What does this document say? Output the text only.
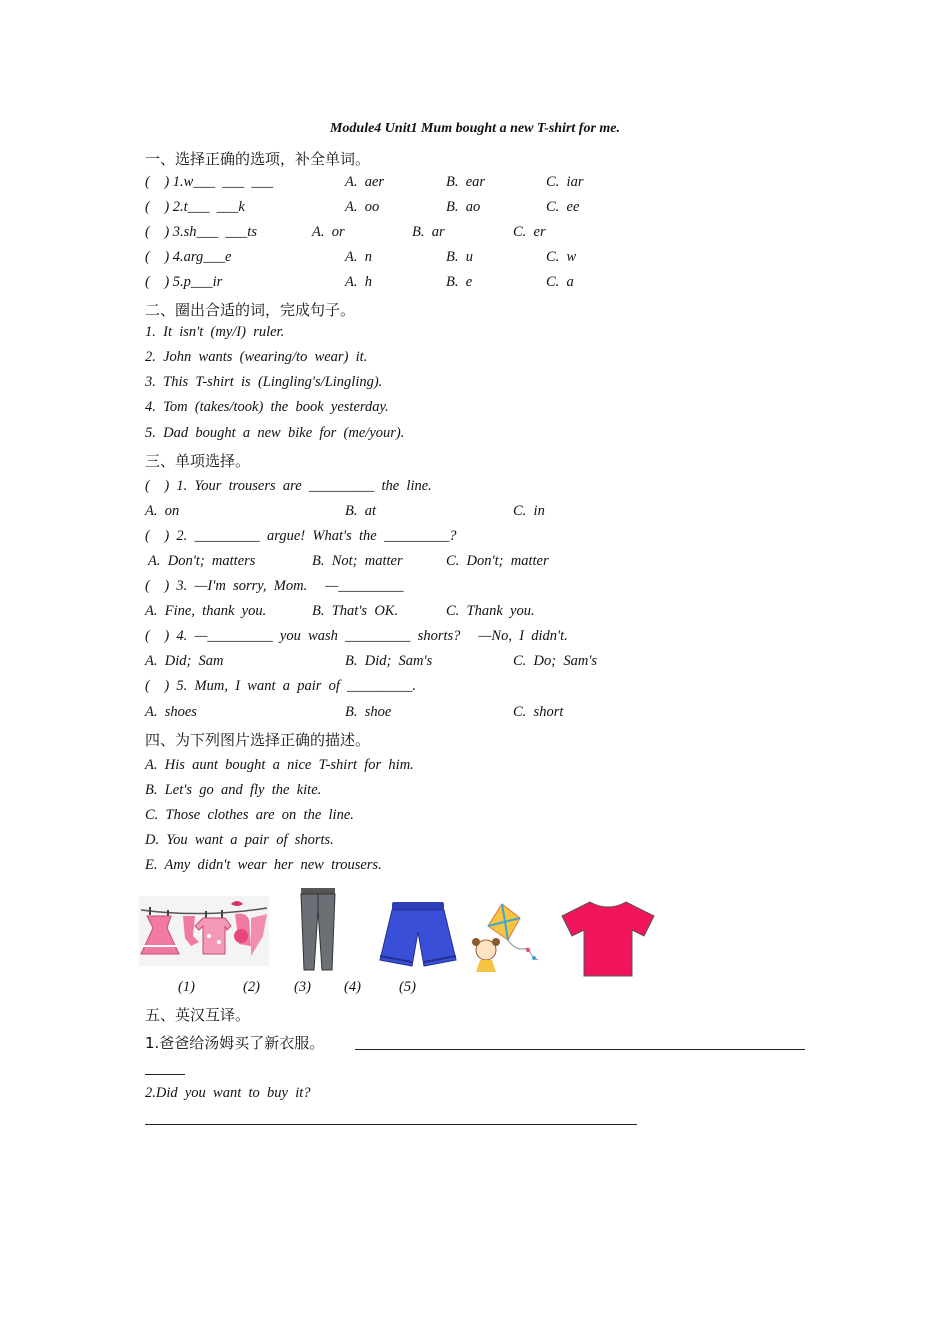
Module4 Unit1 Mum bought a new T-shirt for me.
一、选择正确的选项，补全单词。
(    ) 1.w___  ___  ___	A.  aer	B.  ear	C.  iar
(    ) 2.t___  ___k	A.  oo	B.  ao	C.  ee
(    ) 3.sh___  ___ts	A.  or	B.  ar	C.  er
(    ) 4.arg___e	A.  n	B.  u	C.  w
(    ) 5.p___ir	A.  h	B.  e	C.  a
二、圈出合适的词，完成句子。
1.  It  isn't  (my/I)  ruler.
2.  John  wants  (wearing/to  wear)  it.
3.  This  T-shirt  is  (Lingling's/Lingling).
4.  Tom  (takes/took)  the  book  yesterday.
5.  Dad  bought  a  new  bike  for  (me/your).
三、单项选择。
(    )  1.  Your  trousers  are  _________  the  line.
A.  on	B.  at	C.  in
(    )  2.  _________  argue!  What's  the  _________?
A.  Don't;  matters	B.  Not;  matter	C.  Don't;  matter
(    )  3.  —I'm  sorry,  Mom.     —_________
A.  Fine,  thank  you.	B.  That's  OK.	C.  Thank  you.
(    )  4.  —_________  you  wash  _________  shorts?     —No,  I  didn't.
A.  Did;  Sam	B.  Did;  Sam's	C.  Do;  Sam's
(    )  5.  Mum,  I  want  a  pair  of  _________.
A.  shoes	B.  shoe	C.  short
四、为下列图片选择正确的描述。
A.  His  aunt  bought  a  nice  T-shirt  for  him.
B.  Let's  go  and  fly  the  kite.
C.  Those  clothes  are  on  the  line.
D.  You  want  a  pair  of  shorts.
E.  Amy  didn't  wear  her  new  trousers.
(1)	(2) (3) (4)	(5)
五、英汉互译。
1.爸爸给汤姆买了新衣服。
2.Did  you  want  to  buy  it?
